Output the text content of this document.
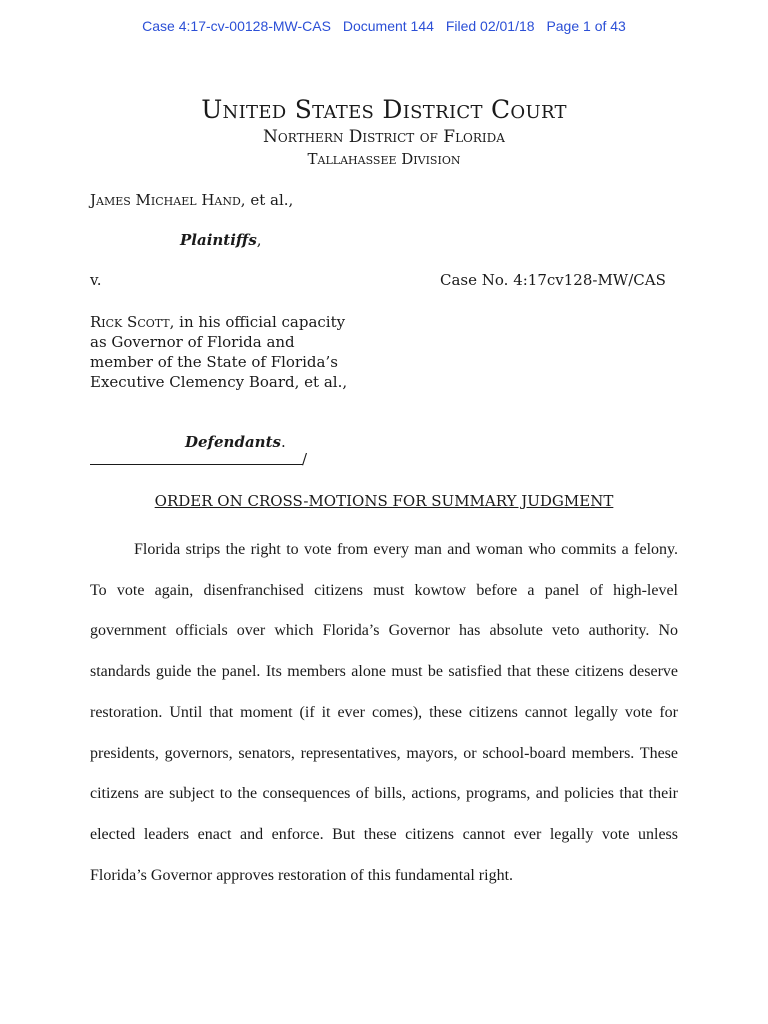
Case 4:17-cv-00128-MW-CAS Document 144 Filed 02/01/18 Page 1 of 43
United States District Court
Northern District of Florida
Tallahassee Division
James Michael Hand, et al.,
Plaintiffs,
v.	Case No. 4:17cv128-MW/CAS
Rick Scott, in his official capacity as Governor of Florida and member of the State of Florida’s Executive Clemency Board, et al.,
Defendants.
/
ORDER ON CROSS-MOTIONS FOR SUMMARY JUDGMENT
Florida strips the right to vote from every man and woman who commits a felony. To vote again, disenfranchised citizens must kowtow before a panel of high-level government officials over which Florida’s Governor has absolute veto authority. No standards guide the panel. Its members alone must be satisfied that these citizens deserve restoration. Until that moment (if it ever comes), these citizens cannot legally vote for presidents, governors, senators, representatives, mayors, or school-board members. These citizens are subject to the consequences of bills, actions, programs, and policies that their elected leaders enact and enforce. But these citizens cannot ever legally vote unless Florida’s Governor approves restoration of this fundamental right.
